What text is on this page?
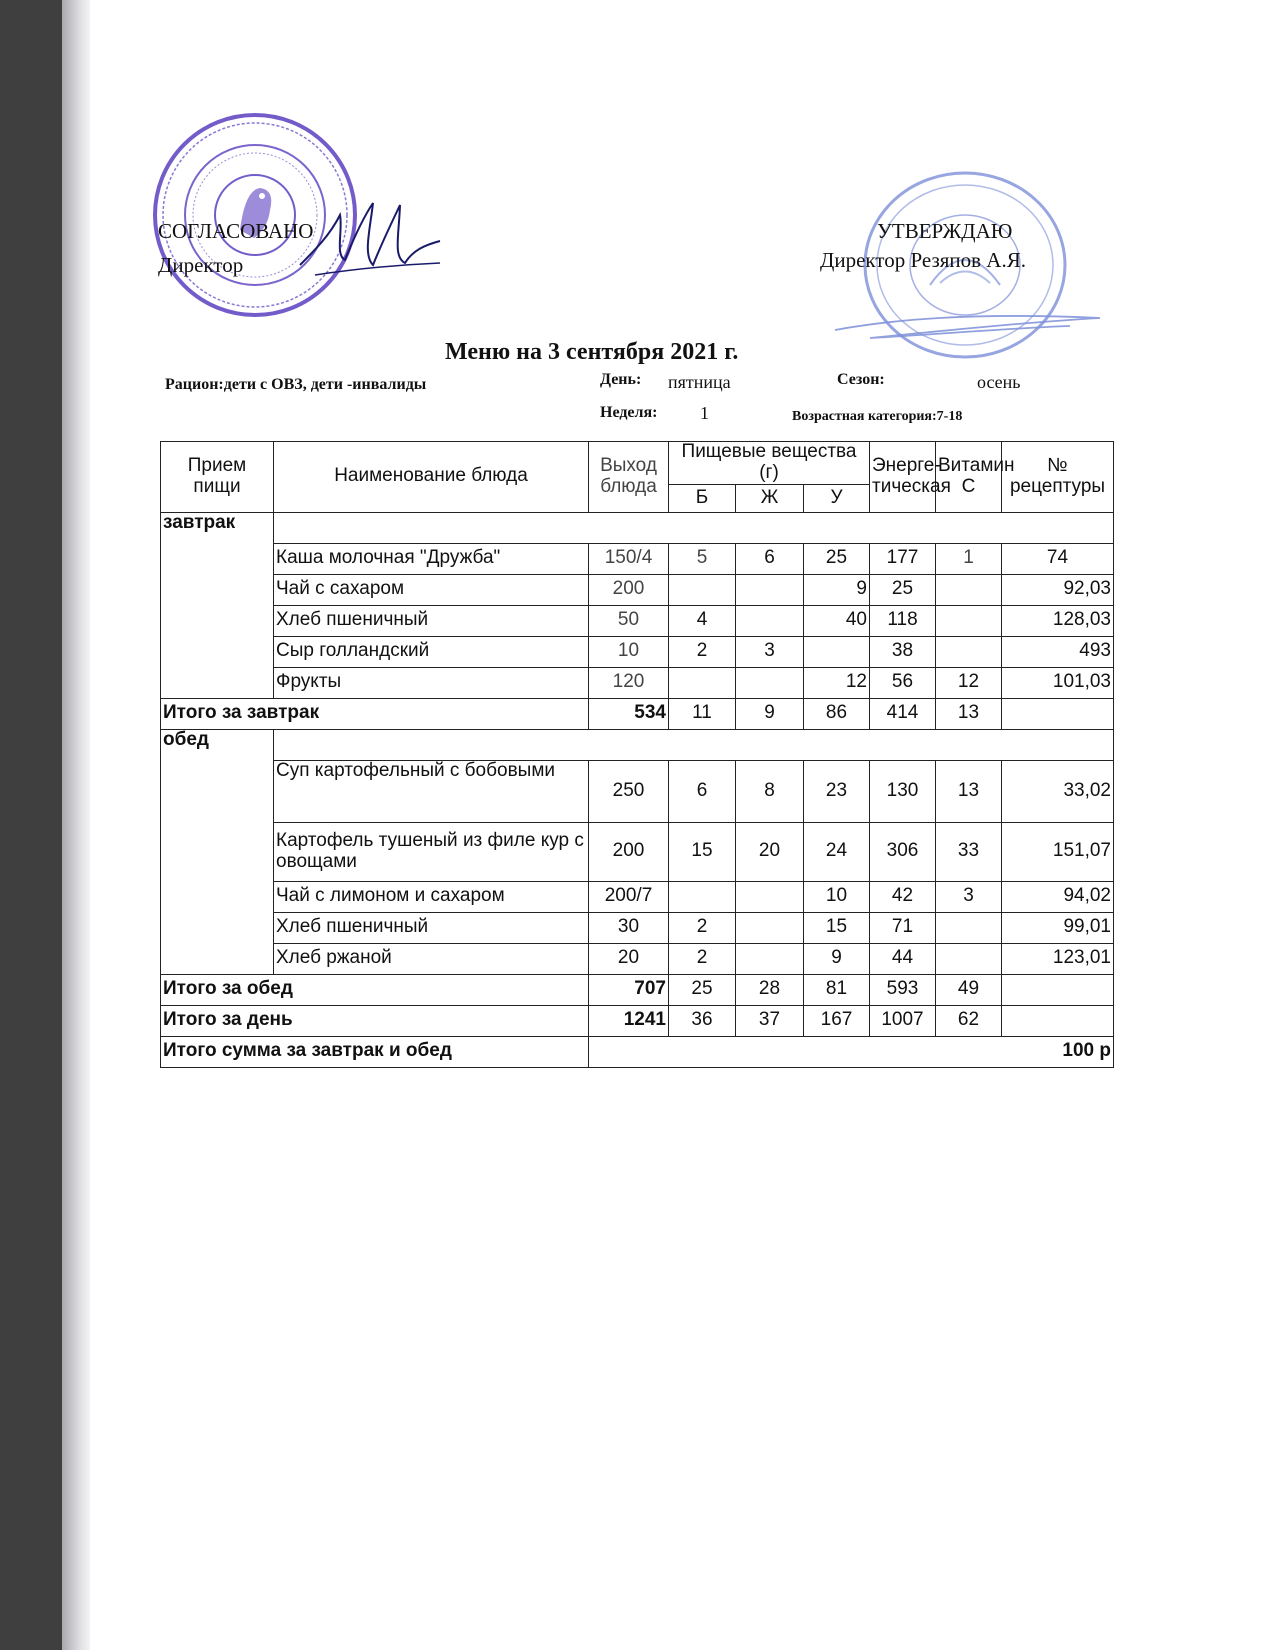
СОГЛАСОВАНО
Директор
УТВЕРЖДАЮ
Директор Резяпов А.Я.
Меню на 3 сентября 2021 г.
Рацион:дети с ОВЗ, дети -инвалиды	День: пятница	Сезон:	осень
Неделя: 1	Возрастная категория:7-18
Прием пищи	Наименование блюда	Выход блюда	Пищевые вещества (г)			Энерге-тическая	Витамин С	№ рецептуры
			Б	Ж	У			
завтрак								
	Каша молочная "Дружба"	150/4	5	6	25	177	1	74
	Чай с сахаром	200			9	25		92,03
	Хлеб пшеничный	50	4		40	118		128,03
	Сыр голландский	10	2	3		38		493
	Фрукты	120			12	56	12	101,03
Итого за завтрак		534	11	9	86	414	13	
обед								
	Суп картофельный с бобовыми	250	6	8	23	130	13	33,02
	Картофель тушеный из филе кур с овощами	200	15	20	24	306	33	151,07
	Чай с лимоном и сахаром	200/7			10	42	3	94,02
	Хлеб пшеничный	30	2		15	71		99,01
	Хлеб ржаной	20	2		9	44		123,01
Итого за обед		707	25	28	81	593	49	
Итого за день		1241	36	37	167	1007	62	
Итого сумма за завтрак и обед		100 р						
